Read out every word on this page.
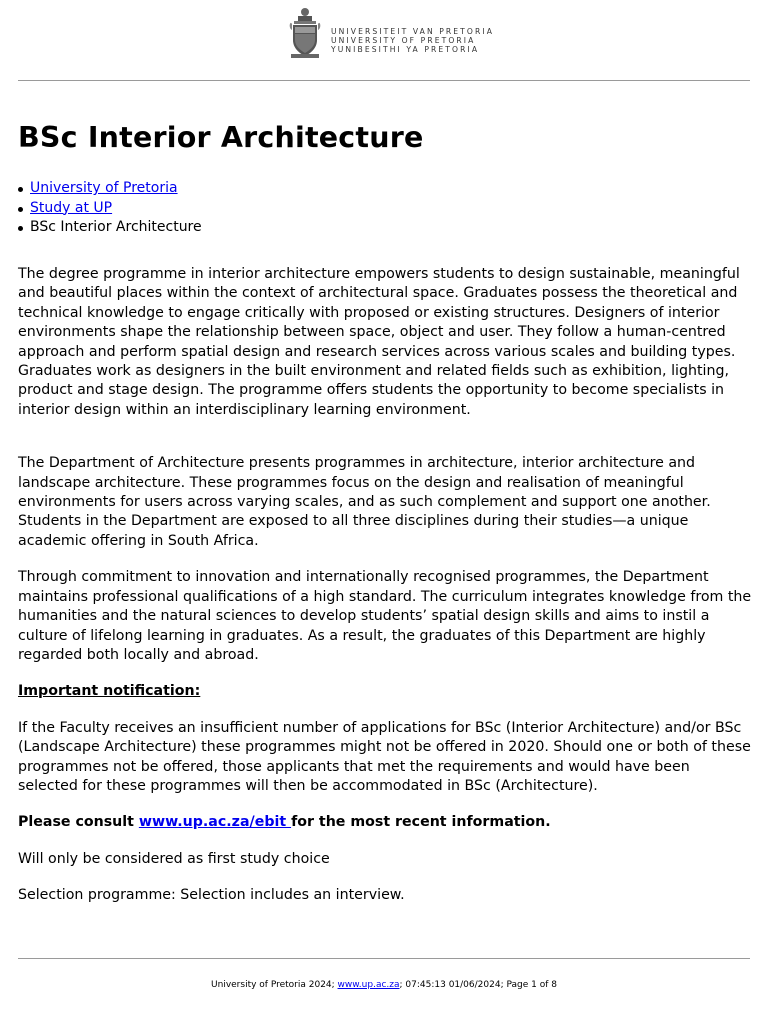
UNIVERSITEIT VAN PRETORIA
UNIVERSITY OF PRETORIA
YUNIBESITHI YA PRETORIA
BSc Interior Architecture
University of Pretoria
Study at UP
BSc Interior Architecture

The degree programme in interior architecture empowers students to design sustainable, meaningful and beautiful places within the context of architectural space. Graduates possess the theoretical and technical knowledge to engage critically with proposed or existing structures. Designers of interior environments shape the relationship between space, object and user. They follow a human-centred approach and perform spatial design and research services across various scales and building types. Graduates work as designers in the built environment and related fields such as exhibition, lighting, product and stage design. The programme offers students the opportunity to become specialists in interior design within an interdisciplinary learning environment.

The Department of Architecture presents programmes in architecture, interior architecture and landscape architecture. These programmes focus on the design and realisation of meaningful environments for users across varying scales, and as such complement and support one another. Students in the Department are exposed to all three disciplines during their studies—a unique academic offering in South Africa.

Through commitment to innovation and internationally recognised programmes, the Department maintains professional qualifications of a high standard. The curriculum integrates knowledge from the humanities and the natural sciences to develop students’ spatial design skills and aims to instil a culture of lifelong learning in graduates. As a result, the graduates of this Department are highly regarded both locally and abroad.

Important notification:

If the Faculty receives an insufficient number of applications for BSc (Interior Architecture) and/or BSc (Landscape Architecture) these programmes might not be offered in 2020. Should one or both of these programmes not be offered, those applicants that met the requirements and would have been selected for these programmes will then be accommodated in BSc (Architecture).

Please consult www.up.ac.za/ebit for the most recent information.

Will only be considered as first study choice

Selection programme: Selection includes an interview.

University of Pretoria 2024; www.up.ac.za; 07:45:13 01/06/2024; Page 1 of 8
